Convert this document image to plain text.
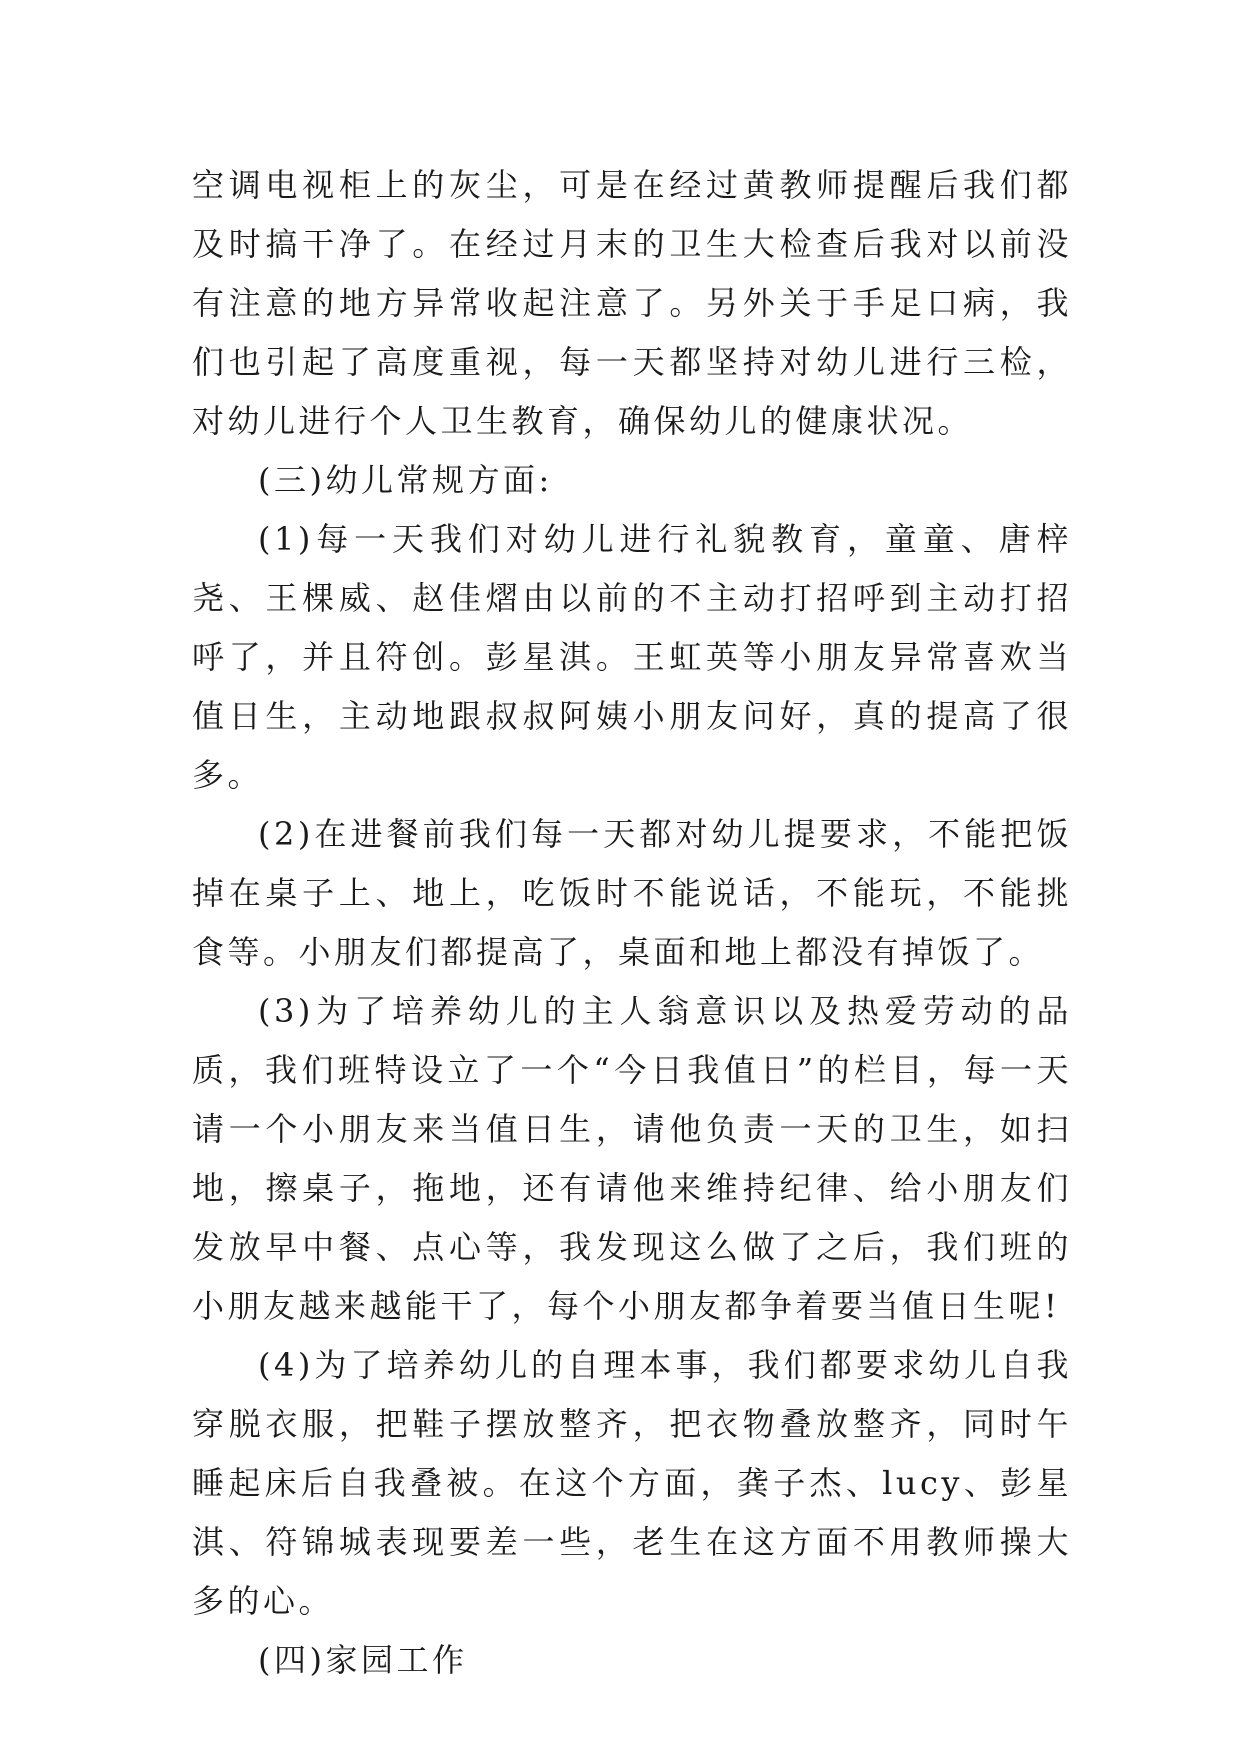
空调电视柜上的灰尘，可是在经过黄教师提醒后我们都及时搞干净了。在经过月末的卫生大检查后我对以前没有注意的地方异常收起注意了。另外关于手足口病，我们也引起了高度重视，每一天都坚持对幼儿进行三检，对幼儿进行个人卫生教育，确保幼儿的健康状况。

(三)幼儿常规方面:

(1)每一天我们对幼儿进行礼貌教育，童童、唐梓尧、王棵威、赵佳熠由以前的不主动打招呼到主动打招呼了，并且符创。彭星淇。王虹英等小朋友异常喜欢当值日生，主动地跟叔叔阿姨小朋友问好，真的提高了很多。

(2)在进餐前我们每一天都对幼儿提要求，不能把饭掉在桌子上、地上，吃饭时不能说话，不能玩，不能挑食等。小朋友们都提高了，桌面和地上都没有掉饭了。

(3)为了培养幼儿的主人翁意识以及热爱劳动的品质，我们班特设立了一个“今日我值日”的栏目，每一天请一个小朋友来当值日生，请他负责一天的卫生，如扫地，擦桌子，拖地，还有请他来维持纪律、给小朋友们发放早中餐、点心等，我发现这么做了之后，我们班的小朋友越来越能干了，每个小朋友都争着要当值日生呢!

(4)为了培养幼儿的自理本事，我们都要求幼儿自我穿脱衣服，把鞋子摆放整齐，把衣物叠放整齐，同时午睡起床后自我叠被。在这个方面，龚子杰、lucy、彭星淇、符锦城表现要差一些，老生在这方面不用教师操大多的心。

(四)家园工作
